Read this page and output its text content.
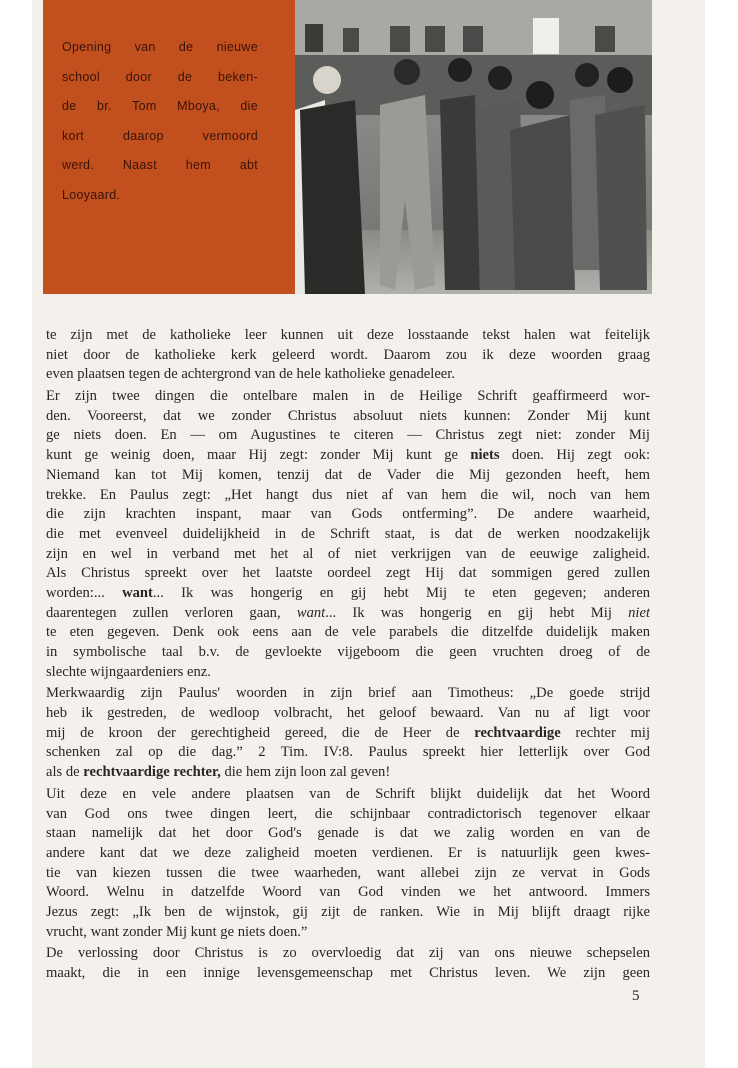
Opening van de nieuwe
school door de beken-
de br. Tom Mboya, die
kort daarop vermoord
werd. Naast hem abt
Looyaard.
te zijn met de katholieke leer kunnen uit deze losstaande tekst halen wat feitelijk
niet door de katholieke kerk geleerd wordt. Daarom zou ik deze woorden graag
even plaatsen tegen de achtergrond van de hele katholieke genadeleer.
Er zijn twee dingen die ontelbare malen in de Heilige Schrift geaffirmeerd wor-
den. Vooreerst, dat we zonder Christus absoluut niets kunnen: Zonder Mij kunt
ge niets doen. En — om Augustines te citeren — Christus zegt niet: zonder Mij
kunt ge weinig doen, maar Hij zegt: zonder Mij kunt ge niets doen. Hij zegt ook:
Niemand kan tot Mij komen, tenzij dat de Vader die Mij gezonden heeft, hem
trekke. En Paulus zegt: „Het hangt dus niet af van hem die wil, noch van hem
die zijn krachten inspant, maar van Gods ontferming”. De andere waarheid,
die met evenveel duidelijkheid in de Schrift staat, is dat de werken noodzakelijk
zijn en wel in verband met het al of niet verkrijgen van de eeuwige zaligheid.
Als Christus spreekt over het laatste oordeel zegt Hij dat sommigen gered zullen
worden:... want... Ik was hongerig en gij hebt Mij te eten gegeven; anderen
daarentegen zullen verloren gaan, want... Ik was hongerig en gij hebt Mij niet
te eten gegeven. Denk ook eens aan de vele parabels die ditzelfde duidelijk maken
in symbolische taal b.v. de gevloekte vijgeboom die geen vruchten droeg of de
slechte wijngaardeniers enz.
Merkwaardig zijn Paulus' woorden in zijn brief aan Timotheus: „De goede strijd
heb ik gestreden, de wedloop volbracht, het geloof bewaard. Van nu af ligt voor
mij de kroon der gerechtigheid gereed, die de Heer de rechtvaardige rechter mij
schenken zal op die dag.” 2 Tim. IV:8. Paulus spreekt hier letterlijk over God
als de rechtvaardige rechter, die hem zijn loon zal geven!
Uit deze en vele andere plaatsen van de Schrift blijkt duidelijk dat het Woord
van God ons twee dingen leert, die schijnbaar contradictorisch tegenover elkaar
staan namelijk dat het door God's genade is dat we zalig worden en van de
andere kant dat we deze zaligheid moeten verdienen. Er is natuurlijk geen kwes-
tie van kiezen tussen die twee waarheden, want allebei zijn ze vervat in Gods
Woord. Welnu in datzelfde Woord van God vinden we het antwoord. Immers
Jezus zegt: „Ik ben de wijnstok, gij zijt de ranken. Wie in Mij blijft draagt rijke
vrucht, want zonder Mij kunt ge niets doen.”
De verlossing door Christus is zo overvloedig dat zij van ons nieuwe schepselen
maakt, die in een innige levensgemeenschap met Christus leven. We zijn geen
5
